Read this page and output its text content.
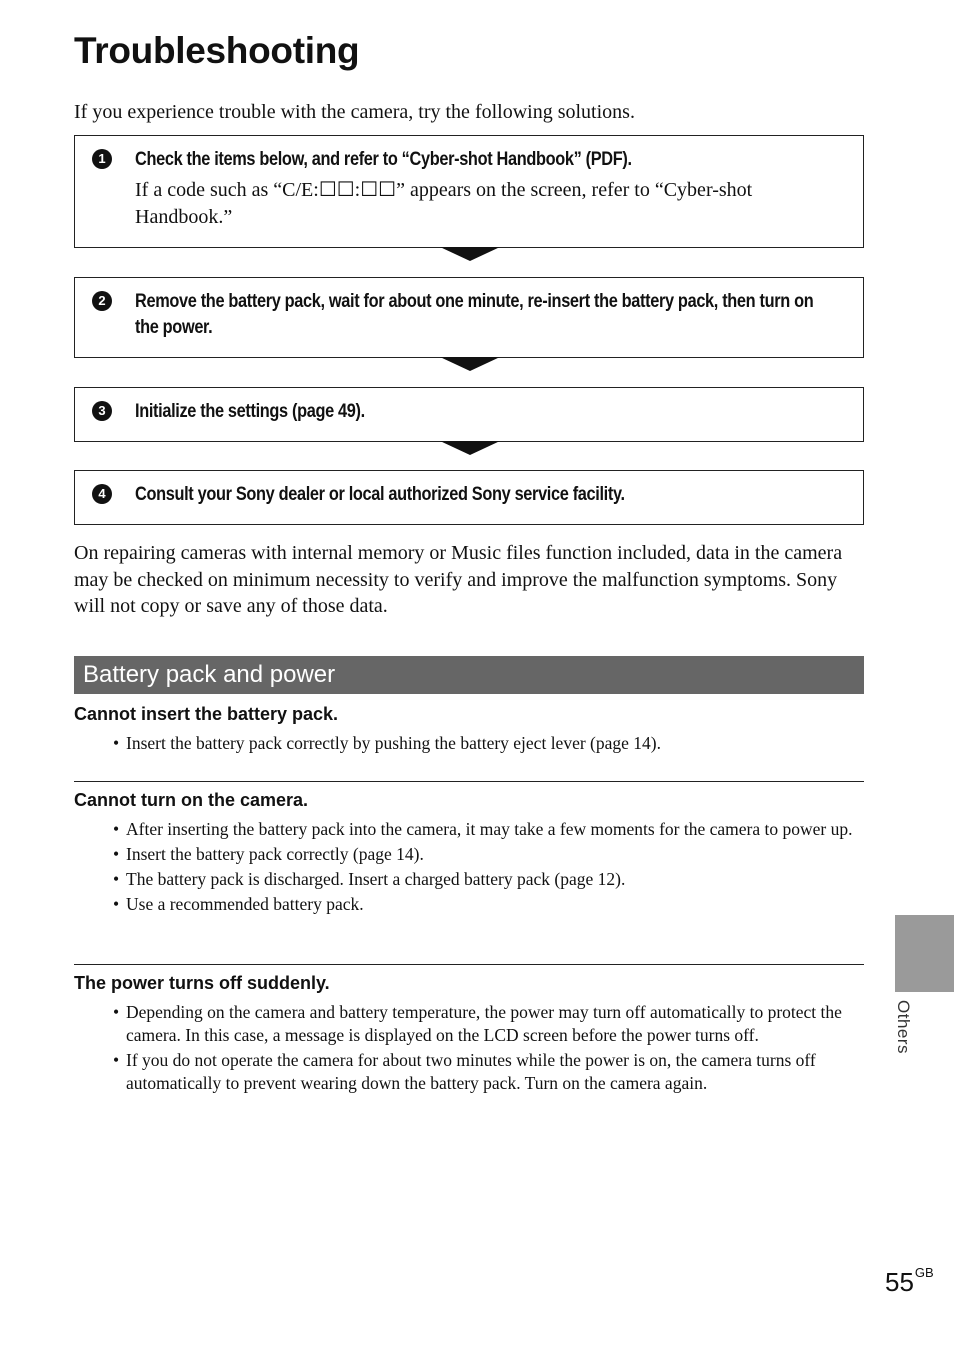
Troubleshooting
If you experience trouble with the camera, try the following solutions.
1	Check the items below, and refer to “Cyber-shot Handbook” (PDF).
If a code such as “C/E:☐☐:☐☐” appears on the screen, refer to “Cyber-shot Handbook.”
2	Remove the battery pack, wait for about one minute, re-insert the battery pack, then turn on the power.
3	Initialize the settings (page 49).
4	Consult your Sony dealer or local authorized Sony service facility.
On repairing cameras with internal memory or Music files function included, data in the camera may be checked on minimum necessity to verify and improve the malfunction symptoms. Sony will not copy or save any of those data.
Battery pack and power
Cannot insert the battery pack.
• Insert the battery pack correctly by pushing the battery eject lever (page 14).
Cannot turn on the camera.
• After inserting the battery pack into the camera, it may take a few moments for the camera to power up.
• Insert the battery pack correctly (page 14).
• The battery pack is discharged. Insert a charged battery pack (page 12).
• Use a recommended battery pack.
The power turns off suddenly.
• Depending on the camera and battery temperature, the power may turn off automatically to protect the camera. In this case, a message is displayed on the LCD screen before the power turns off.
• If you do not operate the camera for about two minutes while the power is on, the camera turns off automatically to prevent wearing down the battery pack. Turn on the camera again.
Others
$55^{GB}$
